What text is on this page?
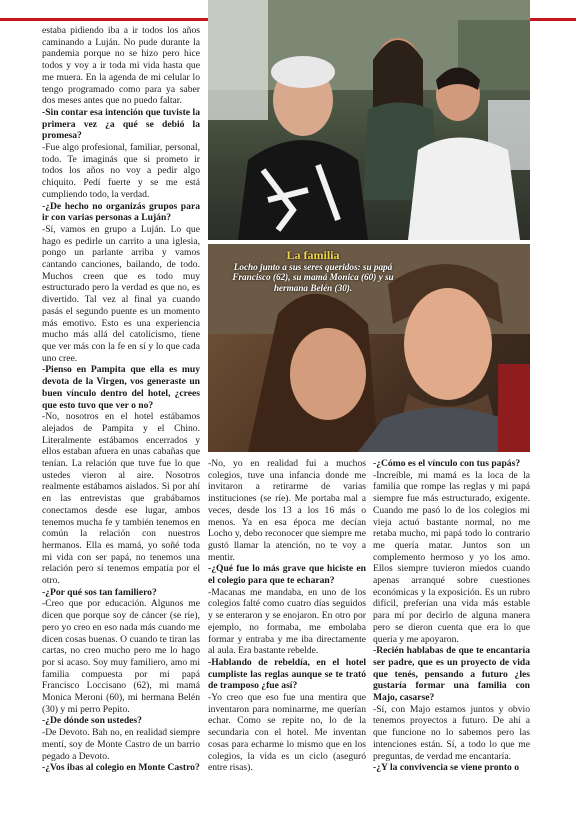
La familia
Locho junto a sus seres queridos: su papá Francisco (62), su mamá Monica (60) y su hermana Belén (30).

estaba pidiendo iba a ir todos los años caminando a Luján. No pude durante la pandemia porque no se hizo pero hice todos y voy a ir toda mi vida hasta que me muera. En la agenda de mi celular lo tengo programado como para ya saber dos meses antes que no puedo faltar.

-Sin contar esa intención que tuviste la primera vez ¿a qué se debió la promesa?

-Fue algo profesional, familiar, personal, todo. Te imaginás que si prometo ir todos los años no voy a pedir algo chiquito. Pedí fuerte y se me está cumpliendo todo, la verdad.

-¿De hecho no organizás grupos para ir con varias personas a Luján?

-Sí, vamos en grupo a Luján. Lo que hago es pedirle un carrito a una iglesia, pongo un parlante arriba y vamos cantando canciones, bailando, de todo. Muchos creen que es todo muy estructurado pero la verdad es que no, es divertido. Tal vez al final ya cuando pasás el segundo puente es un momento más emotivo. Esto es una experiencia mucho más allá del catolicismo, tiene que ver más con la fe en sí y lo que cada uno cree.

-Pienso en Pampita que ella es muy devota de la Virgen, vos generaste un buen vínculo dentro del hotel, ¿crees que esto tuvo que ver o no?

-No, nosotros en el hotel estábamos alejados de Pampita y el Chino. Literalmente estábamos encerrados y ellos estaban afuera en unas cabañas que tenían. La relación que tuve fue lo que ustedes vieron al aire. Nosotros realmente estábamos aislados. Si por ahí en las entrevistas que grabábamos conectamos desde ese lugar, ambos tenemos mucha fe y también tenemos en común la relación con nuestros hermanos. Ella es mamá, yo soñé toda mi vida con ser papá, no tenemos una relación pero sí tenemos empatía por el otro.

-¿Por qué sos tan familiero?

-Creo que por educación. Algunos me dicen que porque soy de cáncer (se ríe), pero yo creo en eso nada más cuando me dicen cosas buenas. O cuando te tiran las cartas, no creo mucho pero me lo hago por si acaso. Soy muy familiero, amo mi familia compuesta por mi papá Francisco Loccisano (62), mi mamá Monica Meroni (60), mi hermana Belén (30) y mi perro Pepito.

-¿De dónde son ustedes?

-De Devoto. Bah no, en realidad siempre mentí, soy de Monte Castro de un barrio pegado a Devoto.

-¿Vos ibas al colegio en Monte Castro?

-No, yo en realidad fui a muchos colegios, tuve una infancia donde me invitaron a retirarme de varias instituciones (se ríe). Me portaba mal a veces, desde los 13 a los 16 más o menos. Ya en esa época me decían Locho y, debo reconocer que siempre me gustó llamar la atención, no te voy a mentir.

-¿Qué fue lo más grave que hiciste en el colegio para que te echaran?

-Macanas me mandaba, en uno de los colegios falté como cuatro días seguidos y se enteraron y se enojaron. En otro por ejemplo, no formaba, me embolaba formar y entraba y me iba directamente al aula. Era bastante rebelde.

-Hablando de rebeldía, en el hotel cumpliste las reglas aunque se te trató de tramposo ¿fue así?

-Yo creo que eso fue una mentira que inventaron para nominarme, me querían echar. Como se repite no, lo de la secundaria con el hotel. Me inventan cosas para echarme lo mismo que en los colegios, la vida es un ciclo (aseguró entre risas).

-¿Cómo es el vínculo con tus papás?

-Increíble, mi mamá es la loca de la familia que rompe las reglas y mi papá siempre fue más estructurado, exigente. Cuando me pasó lo de los colegios mi vieja actuó bastante normal, no me retaba mucho, mi papá todo lo contrario me quería matar. Juntos son un complemento hermoso y yo los amo. Ellos siempre tuvieron miedos cuando apenas arranqué sobre cuestiones económicas y la exposición. Es un rubro difícil, preferían una vida más estable para mí por decirlo de alguna manera pero se dieron cuenta que era lo que quería y me apoyaron.

-Recién hablabas de que te encantaría ser padre, que es un proyecto de vida que tenés, pensando a futuro ¿les gustaría formar una familia con Majo, casarse?

-Sí, con Majo estamos juntos y obvio tenemos proyectos a futuro. De ahí a que funcione no lo sabemos pero las intenciones están. Sí, a todo lo que me preguntas, de verdad me encantaría.

-¿Y la convivencia se viene pronto o
